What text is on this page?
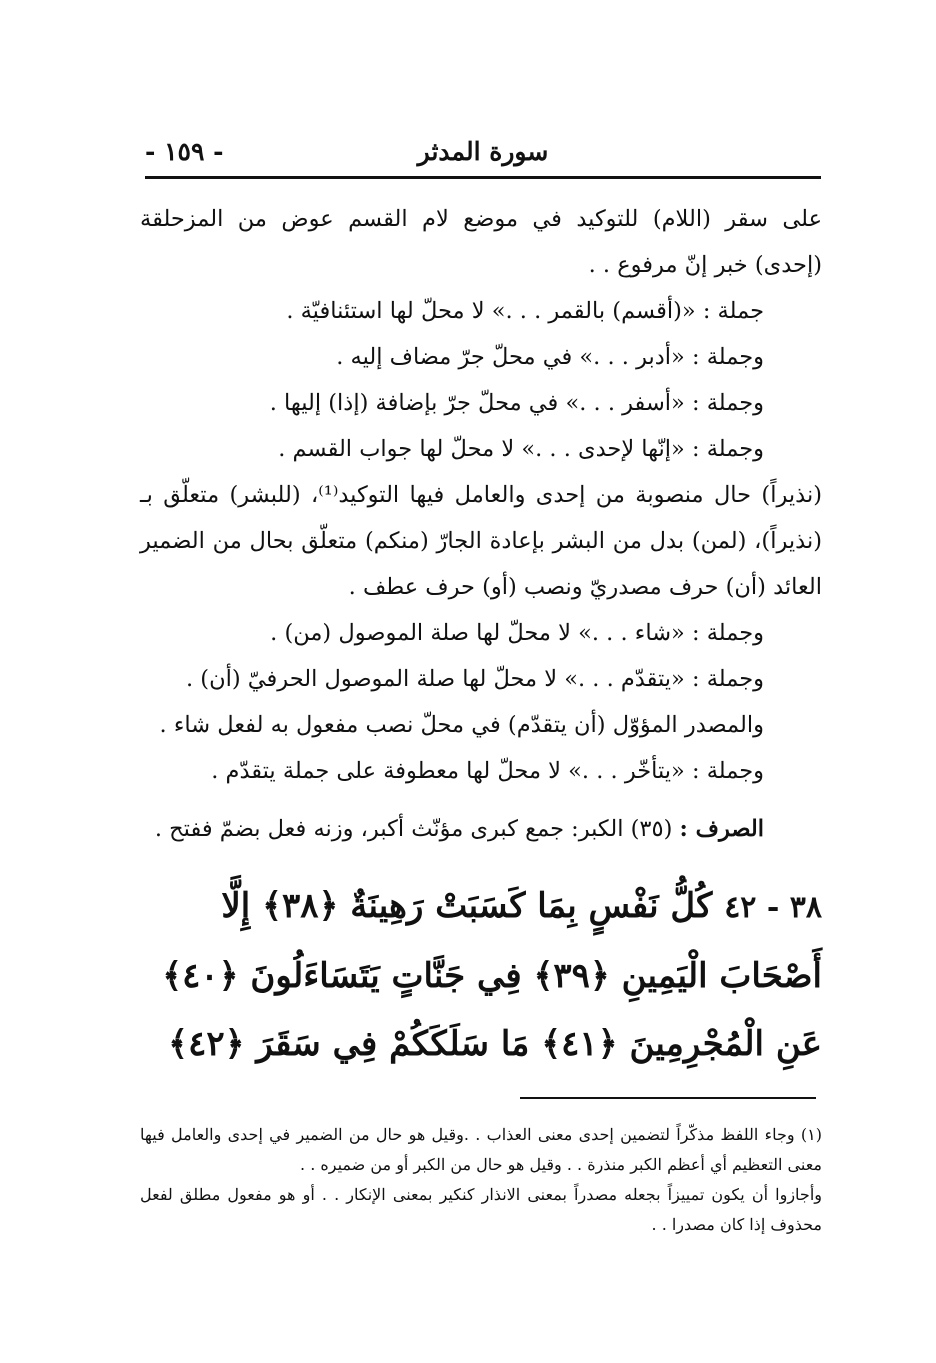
سورة المدثر
- ١٥٩ -

على سقر (اللام) للتوكيد في موضع لام القسم عوض من المزحلقة (إحدى) خبر إنّ مرفوع . .

جملة : «(أقسم) بالقمر . . .» لا محلّ لها استئنافيّة .

وجملة : «أدبر . . .» في محلّ جرّ مضاف إليه .

وجملة : «أسفر . . .» في محلّ جرّ بإضافة (إذا) إليها .

وجملة : «إنّها لإحدى . . .» لا محلّ لها جواب القسم .

(نذيراً) حال منصوبة من إحدى والعامل فيها التوكيد⁽¹⁾، (للبشر) متعلّق بـ (نذيراً)، (لمن) بدل من البشر بإعادة الجارّ (منكم) متعلّق بحال من الضمير العائد (أن) حرف مصدريّ ونصب (أو) حرف عطف .

وجملة : «شاء . . .» لا محلّ لها صلة الموصول (من) .

وجملة : «يتقدّم . . .» لا محلّ لها صلة الموصول الحرفيّ (أن) .

والمصدر المؤوّل (أن يتقدّم) في محلّ نصب مفعول به لفعل شاء .

وجملة : «يتأخّر . . .» لا محلّ لها معطوفة على جملة يتقدّم .

الصرف : (٣٥) الكبر: جمع كبرى مؤنّث أكبر، وزنه فعل بضمّ ففتح .

٣٨ - ٤٢ كُلُّ نَفْسٍ بِمَا كَسَبَتْ رَهِينَةٌ ﴿٣٨﴾ إِلَّا أَصْحَابَ الْيَمِينِ ﴿٣٩﴾ فِي جَنَّاتٍ يَتَسَاءَلُونَ ﴿٤٠﴾ عَنِ الْمُجْرِمِينَ ﴿٤١﴾ مَا سَلَكَكُمْ فِي سَقَرَ ﴿٤٢﴾

(١) وجاء اللفظ مذكّراً لتضمين إحدى معنى العذاب . .وقيل هو حال من الضمير في إحدى والعامل فيها معنى التعظيم أي أعظم الكبر منذرة . . وقيل هو حال من الكبر أو من ضميره . .

وأجازوا أن يكون تمييزاً بجعله مصدراً بمعنى الانذار كنكير بمعنى الإنكار . . أو هو مفعول مطلق لفعل محذوف إذا كان مصدرا . .
